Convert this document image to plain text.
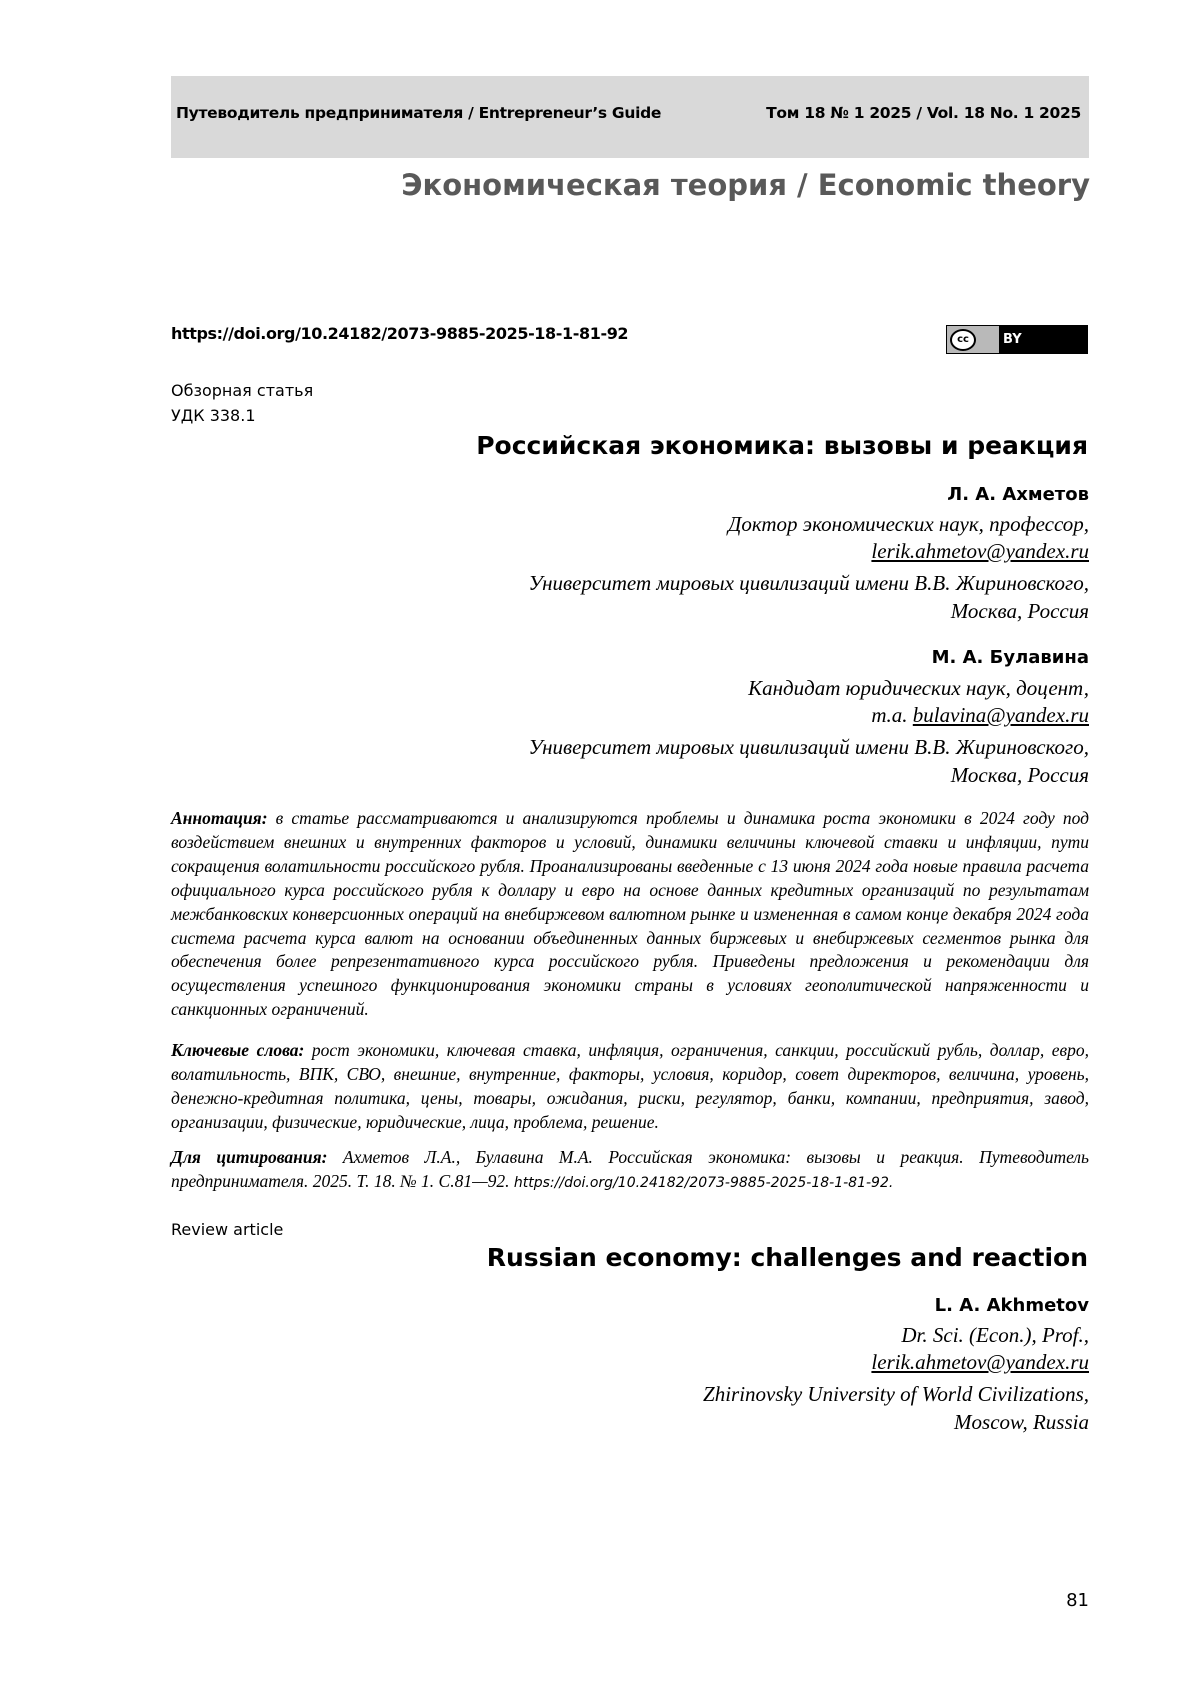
Путеводитель предпринимателя / Entrepreneur’s Guide	Том 18 № 1 2025 / Vol. 18 No. 1 2025
Экономическая теория / Economic theory
https://doi.org/10.24182/2073-9885-2025-18-1-81-92	cc	BY
Обзорная статья
УДК 338.1
Российская экономика: вызовы и реакция
Л. А. Ахметов
Доктор экономических наук, профессор,
lerik.ahmetov@yandex.ru
Университет мировых цивилизаций имени В.В. Жириновского,
Москва, Россия
М. А. Булавина
Кандидат юридических наук, доцент,
m.a. bulavina@yandex.ru
Университет мировых цивилизаций имени В.В. Жириновского,
Москва, Россия
Аннотация: в статье рассматриваются и анализируются проблемы и динамика роста экономики в 2024 году под воздействием внешних и внутренних факторов и условий, динамики величины ключевой ставки и инфляции, пути сокращения волатильности российского рубля. Проанализированы введенные с 13 июня 2024 года новые правила расчета официального курса российского рубля к доллару и евро на основе данных кредитных организаций по результатам межбанковских конверсионных операций на внебиржевом валютном рынке и измененная в самом конце декабря 2024 года система расчета курса валют на основании объединенных данных биржевых и внебиржевых сегментов рынка для обеспечения более репрезентативного курса российского рубля. Приведены предложения и рекомендации для осуществления успешного функционирования экономики страны в условиях геополитической напряженности и санкционных ограничений.
Ключевые слова: рост экономики, ключевая ставка, инфляция, ограничения, санкции, российский рубль, доллар, евро, волатильность, ВПК, СВО, внешние, внутренние, факторы, условия, коридор, совет директоров, величина, уровень, денежно-кредитная политика, цены, товары, ожидания, риски, регулятор, банки, компании, предприятия, завод, организации, физические, юридические, лица, проблема, решение.
Для цитирования: Ахметов Л.А., Булавина М.А. Российская экономика: вызовы и реакция. Путеводитель предпринимателя. 2025. Т. 18. № 1. С.81—92. https://doi.org/10.24182/2073-9885-2025-18-1-81-92.
Review article
Russian economy: challenges and reaction
L. A. Akhmetov
Dr. Sci. (Econ.), Prof.,
lerik.ahmetov@yandex.ru
Zhirinovsky University of World Civilizations,
Moscow, Russia
81
